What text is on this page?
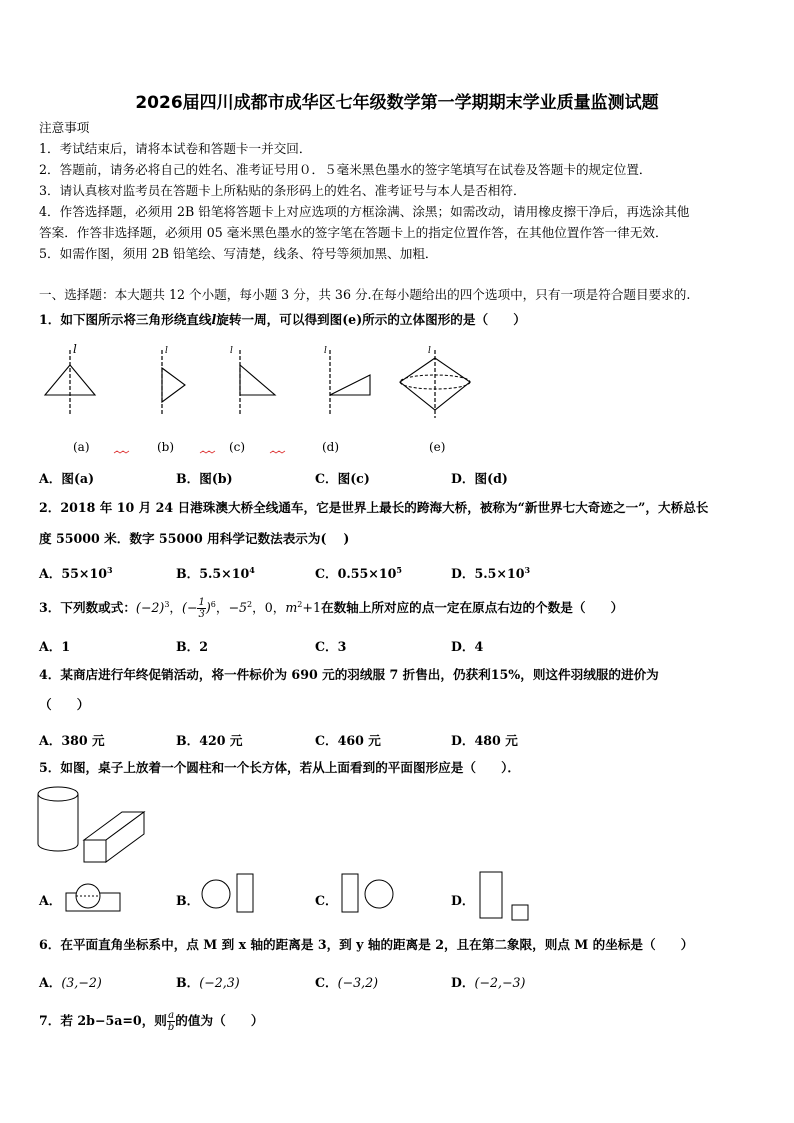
2026届四川成都市成华区七年级数学第一学期期末学业质量监测试题
注意事项
1．考试结束后，请将本试卷和答题卡一并交回．
2．答题前，请务必将自己的姓名、准考证号用０．５毫米黑色墨水的签字笔填写在试卷及答题卡的规定位置．
3．请认真核对监考员在答题卡上所粘贴的条形码上的姓名、准考证号与本人是否相符．
4．作答选择题，必须用 2B 铅笔将答题卡上对应选项的方框涂满、涂黑；如需改动，请用橡皮擦干净后，再选涂其他
答案．作答非选择题，必须用 05 毫米黑色墨水的签字笔在答题卡上的指定位置作答，在其他位置作答一律无效．
5．如需作图，须用 2B 铅笔绘、写清楚，线条、符号等须加黑、加粗．
一、选择题：本大题共 12 个小题，每小题 3 分，共 36 分.在每小题给出的四个选项中，只有一项是符合题目要求的.
1．如下图所示将三角形绕直线l旋转一周，可以得到图(e)所示的立体图形的是（　　）
l	l	l	l	l
(a)	(b)	(c)	(d)	(e)
A．图(a)	B．图(b)	C．图(c)	D．图(d)
2．2018 年 10 月 24 日港珠澳大桥全线通车，它是世界上最长的跨海大桥，被称为“新世界七大奇迹之一”，大桥总长
度 55000 米．数字 55000 用科学记数法表示为(　 )
A．$55\times 10^3$	B．$5.5\times 10^4$	C．$0.55\times 10^5$	D．$5.5\times 10^3$
3．下列数或式：$(-2)^3$，(− $\frac{1}{3} )^6$，$-5^2$，0，$m^2+1$在数轴上所对应的点一定在原点右边的个数是（　　）
A．1	B．2	C．3	D．4
4．某商店进行年终促销活动，将一件标价为 690 元的羽绒服 7 折售出，仍获利15%，则这件羽绒服的进价为
（　　）
A．380 元	B．420 元	C．460 元	D．480 元
5．如图，桌子上放着一个圆柱和一个长方体，若从上面看到的平面图形应是（　　）．
A．	B．	C．	D．
6．在平面直角坐标系中，点 M 到 x 轴的距离是 3，到 y 轴的距离是 2，且在第二象限，则点 M 的坐标是（　　）
A．(3,−2)	B．(−2,3)	C．(−3,2)	D．(−2,−3)
7．若 2b−5a=0，则 $\frac{a}{b}$ 的值为（　　）
